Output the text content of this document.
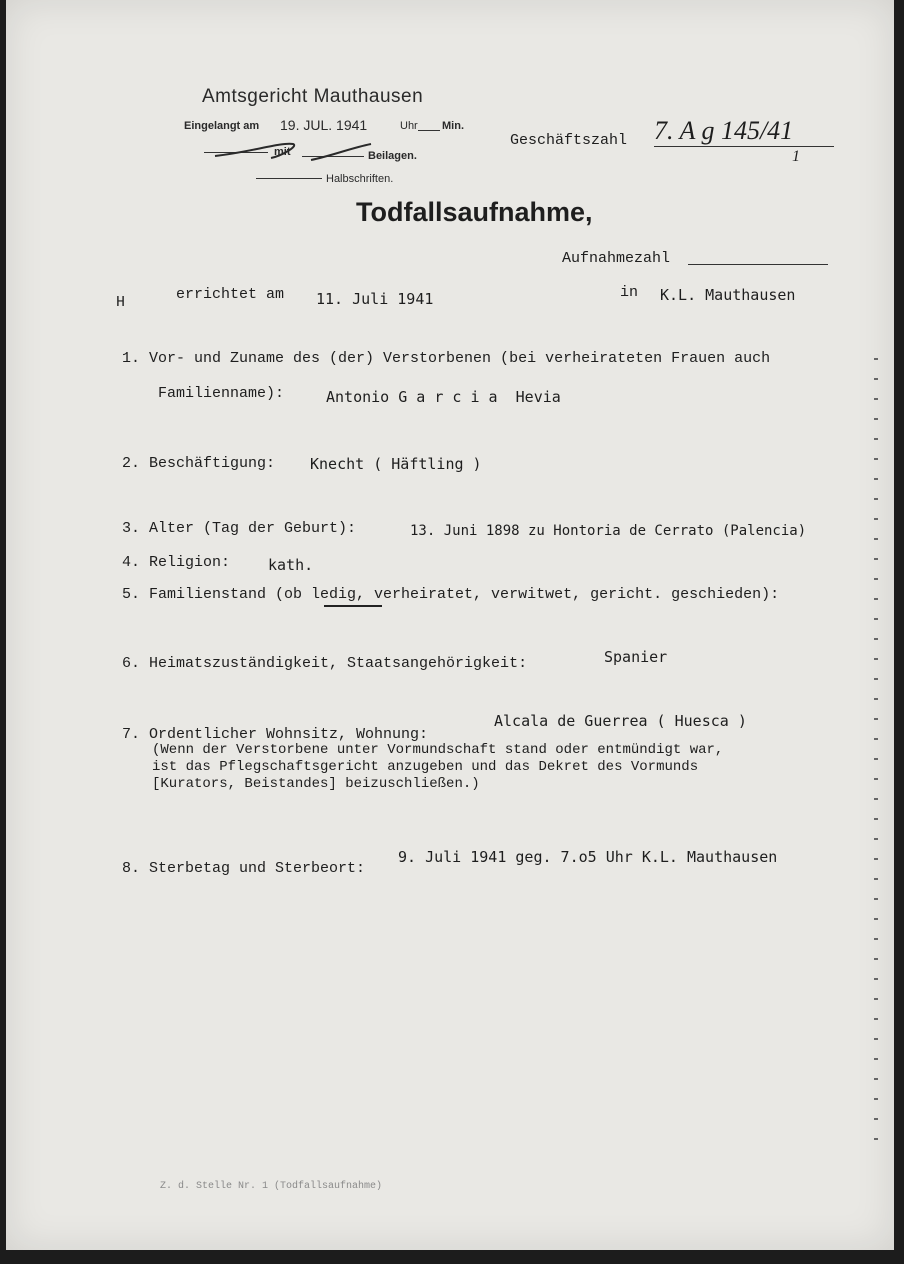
Amtsgericht Mauthausen
Eingelangt am 19. JUL. 1941	Uhr Min.
mit	Beilagen.
Halbschriften.
Geschäftszahl 7. A g 145/41
1
Todfallsaufnahme,
Aufnahmezahl
H	errichtet am 11. Juli 1941	in K.L. Mauthausen
1. Vor- und Zuname des (der) Verstorbenen (bei verheirateten Frauen auch
Familienname):	Antonio G a r c i a  Hevia
2. Beschäftigung: Knecht ( Häftling )
3. Alter (Tag der Geburt):	13. Juni 1898 zu Hontoria de Cerrato (Palencia)
4. Religion:	kath.
5. Familienstand (ob ledig, verheiratet, verwitwet, gericht. geschieden):
6. Heimatszuständigkeit, Staatsangehörigkeit:	Spanier
7. Ordentlicher Wohnsitz, Wohnung:
Alcala de Guerrea ( Huesca )
(Wenn der Verstorbene unter Vormundschaft stand oder entmündigt war,
ist das Pflegschaftsgericht anzugeben und das Dekret des Vormunds
[Kurators, Beistandes] beizuschließen.)
8. Sterbetag und Sterbeort:
9. Juli 1941 geg. 7.o5 Uhr K.L. Mauthausen
Z. d. Stelle Nr. 1 (Todfallsaufnahme)
